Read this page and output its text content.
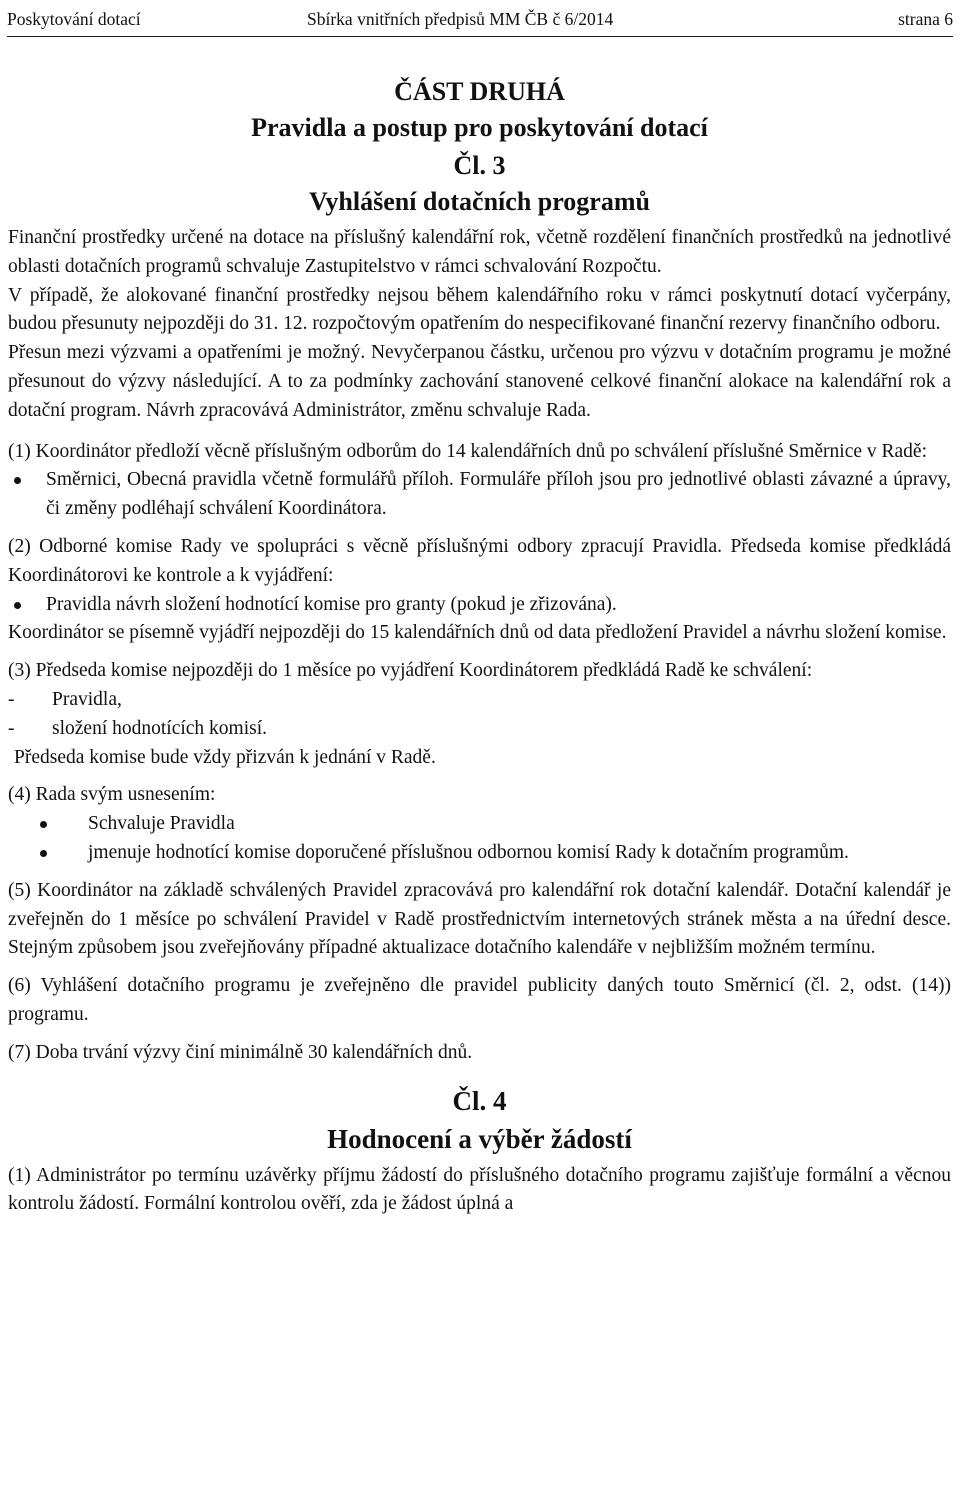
Poskytování dotací	Sbírka vnitřních předpisů MM ČB č 6/2014	strana 6
ČÁST DRUHÁ
Pravidla a postup pro poskytování dotací
Čl. 3
Vyhlášení dotačních programů

Finanční prostředky určené na dotace na příslušný kalendářní rok, včetně rozdělení finančních prostředků na jednotlivé oblasti dotačních programů schvaluje Zastupitelstvo v rámci schvalování Rozpočtu.

V případě, že alokované finanční prostředky nejsou během kalendářního roku v rámci poskytnutí dotací vyčerpány, budou přesunuty nejpozději do 31. 12. rozpočtovým opatřením do nespecifikované finanční rezervy finančního odboru.

Přesun mezi výzvami a opatřeními je možný. Nevyčerpanou částku, určenou pro výzvu v dotačním programu je možné přesunout do výzvy následující. A to za podmínky zachování stanovené celkové finanční alokace na kalendářní rok a dotační program. Návrh zpracovává Administrátor, změnu schvaluje Rada.

(1) Koordinátor předloží věcně příslušným odborům do 14 kalendářních dnů po schválení příslušné Směrnice v Radě:

Směrnici, Obecná pravidla včetně formulářů příloh. Formuláře příloh jsou pro jednotlivé oblasti závazné a úpravy, či změny podléhají schválení Koordinátora.

(2) Odborné komise Rady ve spolupráci s věcně příslušnými odbory zpracují Pravidla. Předseda komise předkládá Koordinátorovi ke kontrole a k vyjádření:

Pravidla návrh složení hodnotící komise pro granty (pokud je zřizována).

Koordinátor se písemně vyjádří nejpozději do 15 kalendářních dnů od data předložení Pravidel a návrhu složení komise.

(3) Předseda komise nejpozději do 1 měsíce po vyjádření Koordinátorem předkládá Radě ke schválení:

- Pravidla,
- složení hodnotících komisí.

Předseda komise bude vždy přizván k jednání v Radě.

(4) Rada svým usnesením:

Schvaluje Pravidla
jmenuje hodnotící komise doporučené příslušnou odbornou komisí Rady k dotačním programům.

(5) Koordinátor na základě schválených Pravidel zpracovává pro kalendářní rok dotační kalendář. Dotační kalendář je zveřejněn do 1 měsíce po schválení Pravidel v Radě prostřednictvím internetových stránek města a na úřední desce. Stejným způsobem jsou zveřejňovány případné aktualizace dotačního kalendáře v nejbližším možném termínu.

(6) Vyhlášení dotačního programu je zveřejněno dle pravidel publicity daných touto Směrnicí (čl. 2, odst. (14)) programu.

(7) Doba trvání výzvy činí minimálně 30 kalendářních dnů.

Čl. 4
Hodnocení a výběr žádostí

(1) Administrátor po termínu uzávěrky příjmu žádostí do příslušného dotačního programu zajišťuje formální a věcnou kontrolu žádostí. Formální kontrolou ověří, zda je žádost úplná a
